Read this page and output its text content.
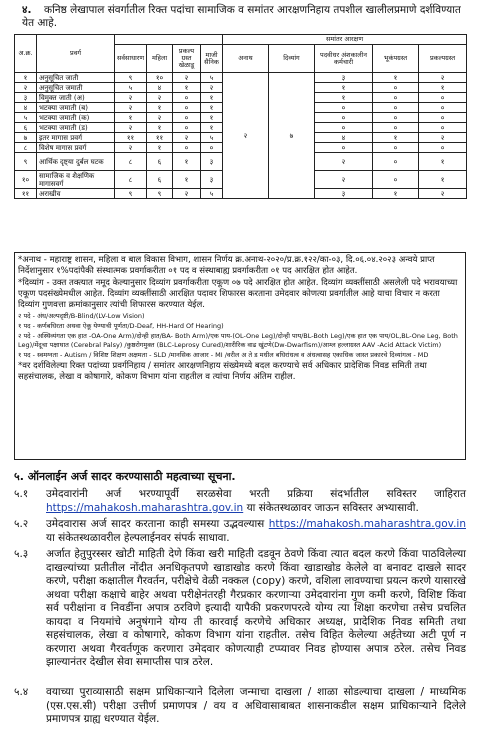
४.	कनिष्ठ लेखापाल संवर्गातील रिक्त पदांचा सामाजिक व समांतर आरक्षणनिहाय तपशील खालीलप्रमाणे दर्शविण्यात येत आहे.
अ.क्र.	प्रवर्ग					समांतर आरक्षण				
		सर्वसाधारण	महिला	प्रकल्प ग्रस्त खेळाडू	माजी सैनिक	अनाथ	दिव्यांग	पदवीधर अंशकालीन कर्मचारी	भूकंपग्रस्त	प्रकल्पग्रस्त
१	अनुसूचित जाती	९	१०	२	५	२	७	३	१	२
२	अनुसूचित जमाती	५	४	१	२			१	०	१
३	विमुक्त जाती (अ)	२	२	०	१			१	०	०
४	भटक्या जमाती (ब)	२	१	०	१			०	०	०
५	भटक्या जमाती (क)	१	२	०	१			०	०	०
६	भटक्या जमाती (ड)	२	१	०	१			०	०	०
७	इतर मागास प्रवर्ग	११	११	२	५			४	१	२
८	विशेष मागास प्रवर्ग	२	१	०	०			०	०	०
९	आर्थिक दृष्ट्या दुर्बल घटक	८	६	१	३			२	०	१
१०	सामाजिक व शैक्षणिक मागासवर्ग	८	६	१	३			२	०	१
११	अराखीव	९	९	२	५			३	१	२
*अनाथ - महाराष्ट्र शासन, महिला व बाल विकास विभाग, शासन निर्णय क्र.अनाथ-२०२०/प्र.क्र.१२२/का-०३, दि.०६.०४.२०२३ अन्वये प्राप्त निर्देशानुसार १%पदांपैकी संस्थात्मक प्रवर्गाकरीता ०१ पद व संस्थाबाह्य प्रवर्गाकरीता ०१ पद आरक्षित होत आहेत.
*दिव्यांग - उक्त तक्त्यात नमूद केल्यानुसार दिव्यांग प्रवर्गाकरीता एकूण ०७ पदे आरक्षित होत आहेत. दिव्यांग व्यक्तींसाठी असलेली पदे भरावयाच्या एकूण पदसंख्येमधील आहेत. दिव्यांग व्यक्तींसाठी आरक्षित पदावर शिफारस करताना उमेदवार कोणत्या प्रवर्गातील आहे याचा विचार न करता दिव्यांग गुणवत्ता क्रमांकानुसार त्यांची शिफारस करण्यात येईल.
२ पदे - अंध/अल्पदृष्टी/B-Blind/(LV-Low Vision)
१ पद - कर्णबधिरता अथवा ऐकू येण्याची पूर्णता/D-Deaf, HH-Hard Of Hearing)
२ पदे - अस्थिव्यंगता एक हात -OA-One Arm)/दोन्ही हात/BA- Both Arm)/एक पाय-(OL-One Leg)/दोन्ही पाय/BL-Both Leg)/एक हात एक पाय/OL,BL-One Leg, Both Leg)/मेंदूचा पक्षाघात (Cerebral Palsy) /कुष्ठरोगमुक्त (BLC-Leprosy Cured)/शारीरिक वाढ खुंटणे(Dw-Dwarfism)/आम्ल हल्लाग्रस्त AAV -Acid Attack Victim)
१ पद - स्वमग्नता - Autism / विशिष्ट शिक्षण अक्षमता - SLD /मानसिक आजार - MI /वरील अ ते ड मधील बधिरांधत्व व अंधत्वासह एकाधिक जास्त प्रकारचे दिव्यांगत्व - MD
*वर दर्शविलेल्या रिक्त पदांच्या प्रवर्गनिहाय / समांतर आरक्षणनिहाय संख्येमध्ये बदल करण्याचे सर्व अधिकार प्रादेशिक निवड समिती तथा सहसंचालक, लेखा व कोषागारे, कोकण विभाग यांना राहतील व त्यांचा निर्णय अंतिम राहील.
५. ऑनलाईन अर्ज सादर करण्यासाठी महत्वाच्या सूचना.
५.१ उमेदवारांनी अर्ज भरण्यापूर्वी सरळसेवा भरती प्रक्रिया संदर्भातील सविस्तर जाहिरात https://mahakosh.maharashtra.gov.in या संकेतस्थळावर जाऊन सविस्तर अभ्यासावी.
५.२ उमेदवारास अर्ज सादर करताना काही समस्या उद्भवल्यास https://mahakosh.maharashtra.gov.in या संकेतस्थळावरील हेल्पलाईनवर संपर्क साधावा.
५.३ अर्जात हेतुपुरस्सर खोटी माहिती देणे किंवा खरी माहिती दडवून ठेवणे किंवा त्यात बदल करणे किंवा पाठविलेल्या दाखल्यांच्या प्रतीतील नोंदीत अनधिकृतपणे खाडाखोड करणे किंवा खाडाखोड केलेले वा बनावट दाखले सादर करणे, परीक्षा कक्षातील गैरवर्तन, परीक्षेचे वेळी नक्कल (copy) करणे, वशिला लावण्याचा प्रयत्न करणे यासारखे अथवा परीक्षा कक्षाचे बाहेर अथवा परीक्षेनंतरही गैरप्रकार करणाऱ्या उमेदवारांना गुण कमी करणे, विशिष्ट किंवा सर्व परीक्षांना व निवडींना अपात्र ठरविणे इत्यादी यापैकी प्रकरणपरत्वे योग्य त्या शिक्षा करणेचा तसेच प्रचलित कायदा व नियमांचे अनुषंगाने योग्य ती कारवाई करणेचे अधिकार अध्यक्ष, प्रादेशिक निवड समिती तथा सहसंचालक, लेखा व कोषागारे, कोकण विभाग यांना राहतील. तसेच विहित केलेल्या अर्हतेच्या अटी पूर्ण न करणारा अथवा गैरवर्तणूक करणारा उमेदवार कोणत्याही टप्प्यावर निवड होण्यास अपात्र ठरेल. तसेच निवड झाल्यानंतर देखील सेवा समाप्तीस पात्र ठरेल.
५.४ वयाच्या पुराव्यासाठी सक्षम प्राधिकाऱ्याने दिलेला जन्माचा दाखला / शाळा सोडल्याचा दाखला / माध्यमिक (एस.एस.सी) परीक्षा उत्तीर्ण प्रमाणपत्र / वय व अधिवासाबाबत शासनाकडील सक्षम प्राधिकाऱ्याने दिलेले प्रमाणपत्र ग्राह्य धरण्यात येईल.
